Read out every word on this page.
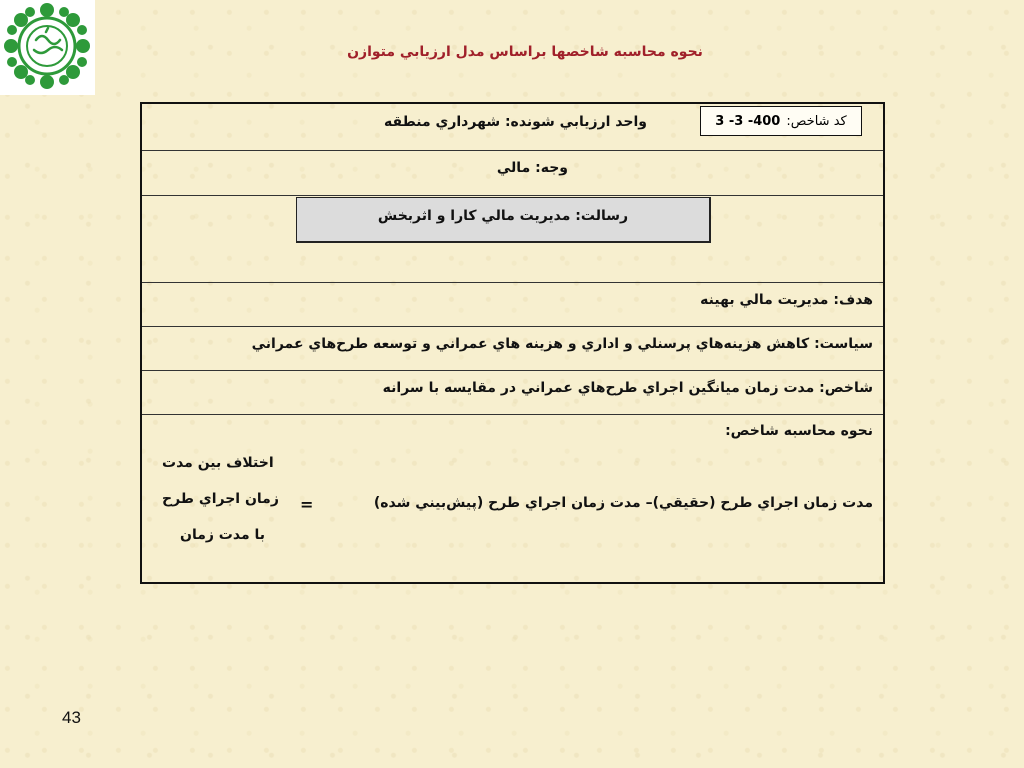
نحوه محاسبه شاخصها براساس مدل ارزيابي متوازن
واحد ارزيابي شونده: شهرداري منطقه	3 -3 -400 كد شاخص:
وجه: مالي
رسالت: مديريت مالي كارا و اثربخش
هدف: مديريت مالي بهينه
سياست: كاهش هزينه‌هاي پرسنلي و اداري و هزينه هاي عمراني و توسعه طرح‌هاي عمراني
شاخص: مدت زمان ميانگين اجراي طرح‌هاي عمراني در مقايسه با سرانه
نحوه محاسبه شاخص:
اختلاف بين مدت
زمان اجراي طرح
با مدت زمان
=	مدت زمان اجراي طرح (حقيقي)– مدت زمان اجراي طرح (پيش‌بيني شده)
43
